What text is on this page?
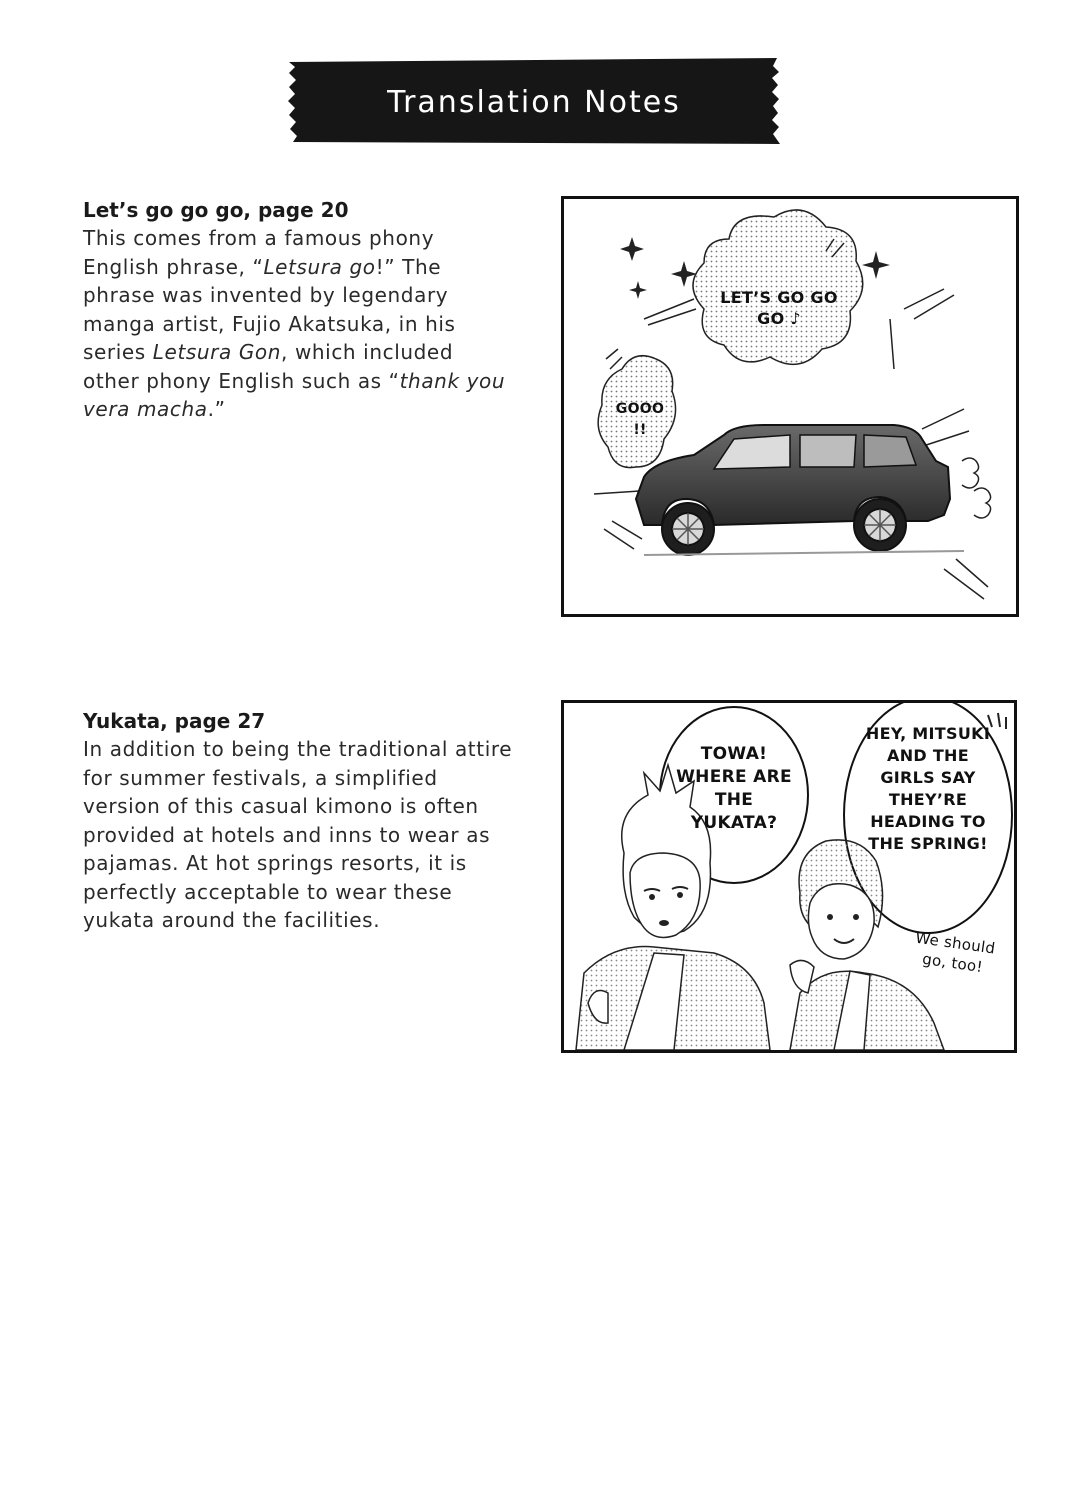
Translation Notes

Let’s go go go, page 20

This comes from a famous phony English phrase, “Letsura go!” The phrase was invented by legendary manga artist, Fujio Akatsuka, in his series Letsura Gon, which included other phony English such as “thank you vera macha.”

LET’S GO GO GO ♪
GOOO !!

Yukata, page 27

In addition to being the traditional attire for summer festivals, a simplified version of this casual kimono is often provided at hotels and inns to wear as pajamas. At hot springs resorts, it is perfectly acceptable to wear these yukata around the facilities.

TOWA! WHERE ARE THE YUKATA?
HEY, MITSUKI AND THE GIRLS SAY THEY’RE HEADING TO THE SPRING!
We should go, too!
